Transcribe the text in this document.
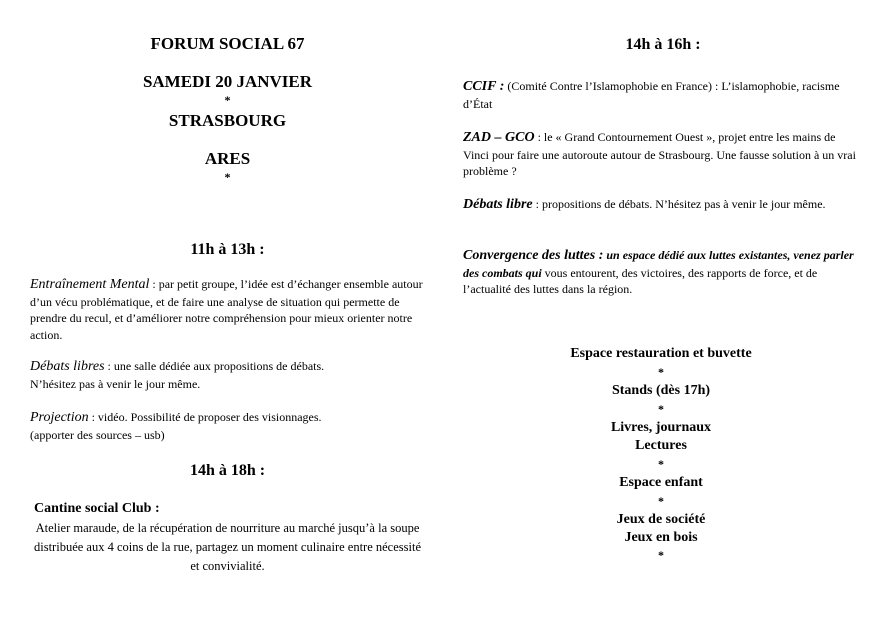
FORUM SOCIAL 67
SAMEDI 20 JANVIER
*
STRASBOURG
ARES
*
11h à 13h :
Entraînement Mental : par petit groupe, l’idée est d’échanger ensemble autour d’un vécu problématique, et de faire une analyse de situation qui permette de prendre du recul, et d’améliorer notre compréhension pour mieux orienter notre action.
Débats libres : une salle dédiée aux propositions de débats.
N’hésitez pas à venir le jour même.
Projection : vidéo. Possibilité de proposer des visionnages.
(apporter des sources – usb)
14h à 18h :
Cantine social Club :
Atelier maraude, de la récupération de nourriture au marché jusqu’à la soupe distribuée aux 4 coins de la rue, partagez un moment culinaire entre nécessité et convivialité.
14h à 16h :
CCIF : (Comité Contre l’Islamophobie en France) : L’islamophobie, racisme d’État
ZAD – GCO : le « Grand Contournement Ouest », projet entre les mains de Vinci pour faire une autoroute autour de Strasbourg. Une fausse solution à un vrai problème ?
Débats libre : propositions de débats. N’hésitez pas à venir le jour même.
Convergence des luttes : un espace dédié aux luttes existantes, venez parler des combats qui vous entourent, des victoires, des rapports de force, et de l’actualité des luttes dans la région.
Espace restauration et buvette
*
Stands (dès 17h)
*
Livres, journaux
Lectures
*
Espace enfant
*
Jeux de société
Jeux en bois
*
